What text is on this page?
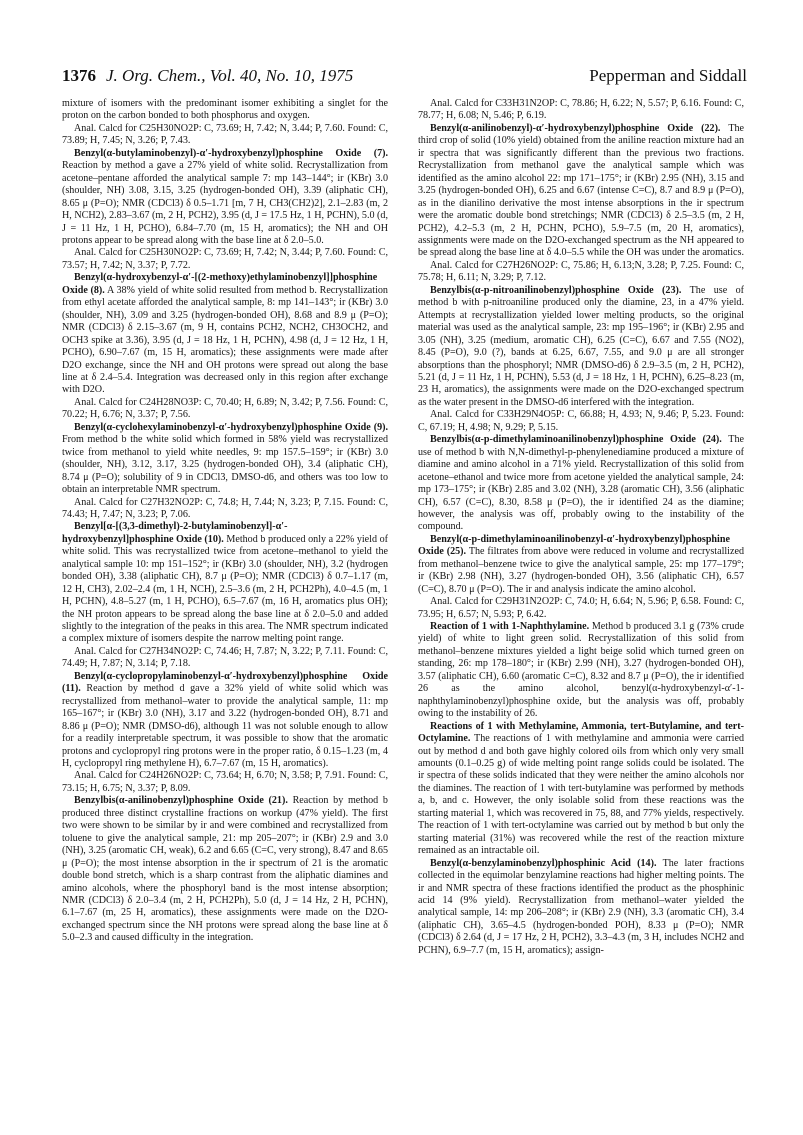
1376 J. Org. Chem., Vol. 40, No. 10, 1975	Pepperman and Siddall

mixture of isomers with the predominant isomer exhibiting a singlet for the proton on the carbon bonded to both phosphorus and oxygen.

Anal. Calcd for C25H30NO2P: C, 73.69; H, 7.42; N, 3.44; P, 7.60. Found: C, 73.89; H, 7.45; N, 3.26; P, 7.43.

Benzyl(α-butylaminobenzyl)-α′-hydroxybenzyl)phosphine Oxide (7). Reaction by method a gave a 27% yield of white solid. Recrystallization from acetone–pentane afforded the analytical sample 7: mp 143–144°; ir (KBr) 3.0 (shoulder, NH) 3.08, 3.15, 3.25 (hydrogen-bonded OH), 3.39 (aliphatic CH), 8.65 μ (P=O); NMR (CDCl3) δ 0.5–1.71 [m, 7 H, CH3(CH2)2], 2.1–2.83 (m, 2 H, NCH2), 2.83–3.67 (m, 2 H, PCH2), 3.95 (d, J = 17.5 Hz, 1 H, PCHN), 5.0 (d, J = 11 Hz, 1 H, PCHO), 6.84–7.70 (m, 15 H, aromatics); the NH and OH protons appear to be spread along with the base line at δ 2.0–5.0.

Anal. Calcd for C25H30NO2P: C, 73.69; H, 7.42; N, 3.44; P, 7.60. Found: C, 73.57; H, 7.42; N, 3.37; P, 7.72.

Benzyl(α-hydroxybenzyl-α′-[(2-methoxy)ethylaminobenzyl]]phosphine Oxide (8). A 38% yield of white solid resulted from method b. Recrystallization from ethyl acetate afforded the analytical sample, 8: mp 141–143°; ir (KBr) 3.0 (shoulder, NH), 3.09 and 3.25 (hydrogen-bonded OH), 8.68 and 8.9 μ (P=O); NMR (CDCl3) δ 2.15–3.67 (m, 9 H, contains PCH2, NCH2, CH3OCH2, and OCH3 spike at 3.36), 3.95 (d, J = 18 Hz, 1 H, PCHN), 4.98 (d, J = 12 Hz, 1 H, PCHO), 6.90–7.67 (m, 15 H, aromatics); these assignments were made after D2O exchange, since the NH and OH protons were spread out along the base line at δ 2.4–5.4. Integration was decreased only in this region after exchange with D2O.

Anal. Calcd for C24H28NO3P: C, 70.40; H, 6.89; N, 3.42; P, 7.56. Found: C, 70.22; H, 6.76; N, 3.37; P, 7.56.

Benzyl(α-cyclohexylaminobenzyl-α′-hydroxybenzyl)phosphine Oxide (9). From method b the white solid which formed in 58% yield was recrystallized twice from methanol to yield white needles, 9: mp 157.5–159°; ir (KBr) 3.0 (shoulder, NH), 3.12, 3.17, 3.25 (hydrogen-bonded OH), 3.4 (aliphatic CH), 8.74 μ (P=O); solubility of 9 in CDCl3, DMSO-d6, and others was too low to obtain an interpretable NMR spectrum.

Anal. Calcd for C27H32NO2P: C, 74.8; H, 7.44; N, 3.23; P, 7.15. Found: C, 74.43; H, 7.47; N, 3.23; P, 7.06.

Benzyl[α-[(3,3-dimethyl)-2-butylaminobenzyl]-α′-hydroxybenzyl]phosphine Oxide (10). Method b produced only a 22% yield of white solid. This was recrystallized twice from acetone–methanol to yield the analytical sample 10: mp 151–152°; ir (KBr) 3.0 (shoulder, NH), 3.2 (hydrogen bonded OH), 3.38 (aliphatic CH), 8.7 μ (P=O); NMR (CDCl3) δ 0.7–1.17 (m, 12 H, CH3), 2.02–2.4 (m, 1 H, NCH), 2.5–3.6 (m, 2 H, PCH2Ph), 4.0–4.5 (m, 1 H, PCHN), 4.8–5.27 (m, 1 H, PCHO), 6.5–7.67 (m, 16 H, aromatics plus OH); the NH proton appears to be spread along the base line at δ 2.0–5.0 and added slightly to the integration of the peaks in this area. The NMR spectrum indicated a complex mixture of isomers despite the narrow melting point range.

Anal. Calcd for C27H34NO2P: C, 74.46; H, 7.87; N, 3.22; P, 7.11. Found: C, 74.49; H, 7.87; N, 3.14; P, 7.18.

Benzyl(α-cyclopropylaminobenzyl-α′-hydroxybenzyl)phosphine Oxide (11). Reaction by method d gave a 32% yield of white solid which was recrystallized from methanol–water to provide the analytical sample, 11: mp 165–167°; ir (KBr) 3.0 (NH), 3.17 and 3.22 (hydrogen-bonded OH), 8.71 and 8.86 μ (P=O); NMR (DMSO-d6), although 11 was not soluble enough to allow for a readily interpretable spectrum, it was possible to show that the aromatic protons and cyclopropyl ring protons were in the proper ratio, δ 0.15–1.23 (m, 4 H, cyclopropyl ring methylene H), 6.7–7.67 (m, 15 H, aromatics).

Anal. Calcd for C24H26NO2P: C, 73.64; H, 6.70; N, 3.58; P, 7.91. Found: C, 73.15; H, 6.75; N, 3.37; P, 8.09.

Benzylbis(α-anilinobenzyl)phosphine Oxide (21). Reaction by method b produced three distinct crystalline fractions on workup (47% yield). The first two were shown to be similar by ir and were combined and recrystallized from toluene to give the analytical sample, 21: mp 205–207°; ir (KBr) 2.9 and 3.0 (NH), 3.25 (aromatic CH, weak), 6.2 and 6.65 (C=C, very strong), 8.47 and 8.65 μ (P=O); the most intense absorption in the ir spectrum of 21 is the aromatic double bond stretch, which is a sharp contrast from the aliphatic diamines and amino alcohols, where the phosphoryl band is the most intense absorption; NMR (CDCl3) δ 2.0–3.4 (m, 2 H, PCH2Ph), 5.0 (d, J = 14 Hz, 2 H, PCHN), 6.1–7.67 (m, 25 H, aromatics), these assignments were made on the D2O-exchanged spectrum since the NH protons were spread along the base line at δ 5.0–2.3 and caused difficulty in the integration.

Anal. Calcd for C33H31N2OP: C, 78.86; H, 6.22; N, 5.57; P, 6.16. Found: C, 78.77; H, 6.08; N, 5.46; P, 6.19.

Benzyl(α-anilinobenzyl)-α′-hydroxybenzyl)phosphine Oxide (22). The third crop of solid (10% yield) obtained from the aniline reaction mixture had an ir spectra that was significantly different than the previous two fractions. Recrystallization from methanol gave the analytical sample which was identified as the amino alcohol 22: mp 171–175°; ir (KBr) 2.95 (NH), 3.15 and 3.25 (hydrogen-bonded OH), 6.25 and 6.67 (intense C=C), 8.7 and 8.9 μ (P=O), as in the dianilino derivative the most intense absorptions in the ir spectrum were the aromatic double bond stretchings; NMR (CDCl3) δ 2.5–3.5 (m, 2 H, PCH2), 4.2–5.3 (m, 2 H, PCHN, PCHO), 5.9–7.5 (m, 20 H, aromatics), assignments were made on the D2O-exchanged spectrum as the NH appeared to be spread along the base line at δ 4.0–5.5 while the OH was under the aromatics.

Anal. Calcd for C27H26NO2P: C, 75.86; H, 6.13;N, 3.28; P, 7.25. Found: C, 75.78; H, 6.11; N, 3.29; P, 7.12.

Benzylbis(α-p-nitroanilinobenzyl)phosphine Oxide (23). The use of method b with p-nitroaniline produced only the diamine, 23, in a 47% yield. Attempts at recrystallization yielded lower melting products, so the original material was used as the analytical sample, 23: mp 195–196°; ir (KBr) 2.95 and 3.05 (NH), 3.25 (medium, aromatic CH), 6.25 (C=C), 6.67 and 7.55 (NO2), 8.45 (P=O), 9.0 (?), bands at 6.25, 6.67, 7.55, and 9.0 μ are all stronger absorptions than the phosphoryl; NMR (DMSO-d6) δ 2.9–3.5 (m, 2 H, PCH2), 5.21 (d, J = 11 Hz, 1 H, PCHN), 5.53 (d, J = 18 Hz, 1 H, PCHN), 6.25–8.23 (m, 23 H, aromatics), the assignments were made on the D2O-exchanged spectrum as the water present in the DMSO-d6 interfered with the integration.

Anal. Calcd for C33H29N4O5P: C, 66.88; H, 4.93; N, 9.46; P, 5.23. Found: C, 67.19; H, 4.98; N, 9.29; P, 5.15.

Benzylbis(α-p-dimethylaminoanilinobenzyl)phosphine Oxide (24). The use of method b with N,N-dimethyl-p-phenylenediamine produced a mixture of diamine and amino alcohol in a 71% yield. Recrystallization of this solid from acetone–ethanol and twice more from acetone yielded the analytical sample, 24: mp 173–175°; ir (KBr) 2.85 and 3.02 (NH), 3.28 (aromatic CH), 3.56 (aliphatic CH), 6.57 (C=C), 8.30, 8.58 μ (P=O), the ir identified 24 as the diamine; however, the analysis was off, probably owing to the instability of the compound.

Benzyl(α-p-dimethylaminoanilinobenzyl-α′-hydroxybenzyl)phosphine Oxide (25). The filtrates from above were reduced in volume and recrystallized from methanol–benzene twice to give the analytical sample, 25: mp 177–179°; ir (KBr) 2.98 (NH), 3.27 (hydrogen-bonded OH), 3.56 (aliphatic CH), 6.57 (C=C), 8.70 μ (P=O). The ir and analysis indicate the amino alcohol.

Anal. Calcd for C29H31N2O2P: C, 74.0; H, 6.64; N, 5.96; P, 6.58. Found: C, 73.95; H, 6.57; N, 5.93; P, 6.42.

Reaction of 1 with 1-Naphthylamine. Method b produced 3.1 g (73% crude yield) of white to light green solid. Recrystallization of this solid from methanol–benzene mixtures yielded a light beige solid which turned green on standing, 26: mp 178–180°; ir (KBr) 2.99 (NH), 3.27 (hydrogen-bonded OH), 3.57 (aliphatic CH), 6.60 (aromatic C=C), 8.32 and 8.7 μ (P=O), the ir identified 26 as the amino alcohol, benzyl(α-hydroxybenzyl-α′-1-naphthylaminobenzyl)phosphine oxide, but the analysis was off, probably owing to the instability of 26.

Reactions of 1 with Methylamine, Ammonia, tert-Butylamine, and tert-Octylamine. The reactions of 1 with methylamine and ammonia were carried out by method d and both gave highly colored oils from which only very small amounts (0.1–0.25 g) of wide melting point range solids could be isolated. The ir spectra of these solids indicated that they were neither the amino alcohols nor the diamines. The reaction of 1 with tert-butylamine was performed by methods a, b, and c. However, the only isolable solid from these reactions was the starting material 1, which was recovered in 75, 88, and 77% yields, respectively. The reaction of 1 with tert-octylamine was carried out by method b but only the starting material (31%) was recovered while the rest of the reaction mixture remained as an intractable oil.

Benzyl(α-benzylaminobenzyl)phosphinic Acid (14). The later fractions collected in the equimolar benzylamine reactions had higher melting points. The ir and NMR spectra of these fractions identified the product as the phosphinic acid 14 (9% yield). Recrystallization from methanol–water yielded the analytical sample, 14: mp 206–208°; ir (KBr) 2.9 (NH), 3.3 (aromatic CH), 3.4 (aliphatic CH), 3.65–4.5 (hydrogen-bonded POH), 8.33 μ (P=O); NMR (CDCl3) δ 2.64 (d, J = 17 Hz, 2 H, PCH2), 3.3–4.3 (m, 3 H, includes NCH2 and PCHN), 6.9–7.7 (m, 15 H, aromatics); assign-
